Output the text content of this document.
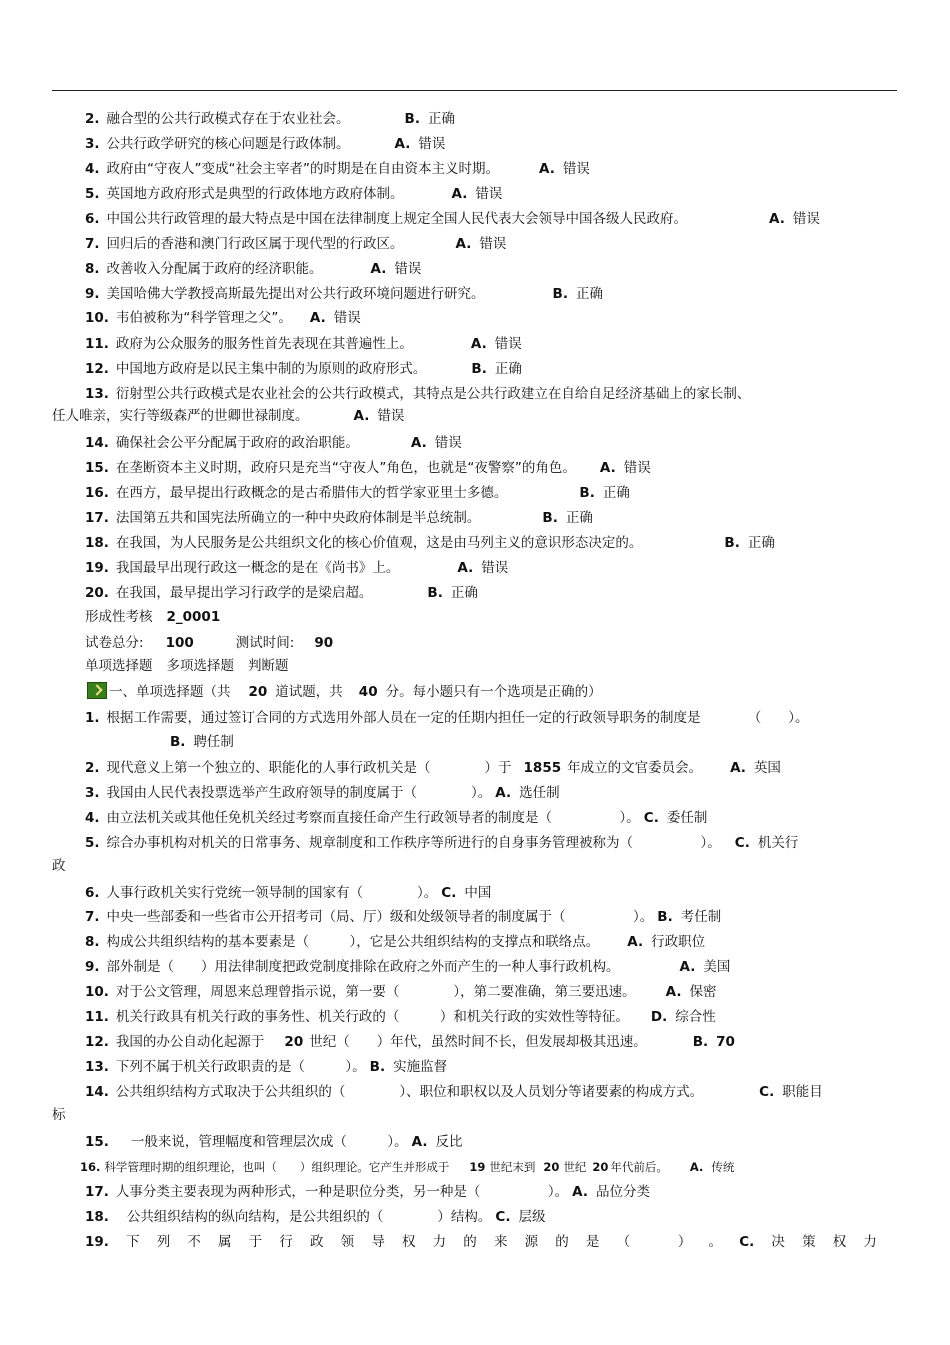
2. 融合型的公共行政模式存在于农业社会。	B. 正确
3. 公共行政学研究的核心问题是行政体制。	A. 错误
4. 政府由“守夜人”变成“社会主宰者”的时期是在自由资本主义时期。	A. 错误
5. 英国地方政府形式是典型的行政体地方政府体制。	A. 错误
6. 中国公共行政管理的最大特点是中国在法律制度上规定全国人民代表大会领导中国各级人民政府。	A. 错误
7. 回归后的香港和澳门行政区属于现代型的行政区。	A. 错误
8. 改善收入分配属于政府的经济职能。	A. 错误
9. 美国哈佛大学教授高斯最先提出对公共行政环境问题进行研究。	B. 正确
10. 韦伯被称为“科学管理之父”。 A. 错误
11. 政府为公众服务的服务性首先表现在其普遍性上。	A. 错误
12. 中国地方政府是以民主集中制的为原则的政府形式。	B. 正确
13. 衍射型公共行政模式是农业社会的公共行政模式，其特点是公共行政建立在自给自足经济基础上的家长制、
任人唯亲，实行等级森严的世卿世禄制度。	A. 错误
14. 确保社会公平分配属于政府的政治职能。	A. 错误
15. 在垄断资本主义时期，政府只是充当“守夜人”角色，也就是“夜警察”的角色。 A. 错误
16. 在西方，最早提出行政概念的是古希腊伟大的哲学家亚里士多德。	B. 正确
17. 法国第五共和国宪法所确立的一种中央政府体制是半总统制。	B. 正确
18. 在我国，为人民服务是公共组织文化的核心价值观，这是由马列主义的意识形态决定的。	B. 正确
19. 我国最早出现行政这一概念的是在《尚书》上。	A. 错误
20. 在我国，最早提出学习行政学的是梁启超。	B. 正确
形成性考核 2_0001
试卷总分: 100	测试时间: 90
单项选择题 多项选择题 判断题
一、单项选择题（共 20 道试题，共 40 分。每小题只有一个选项是正确的）
1. 根据工作需要，通过签订合同的方式选用外部人员在一定的任期内担任一定的行政领导职务的制度是　　　　（　　）。
B. 聘任制
2. 现代意义上第一个独立的、职能化的人事行政机关是（　　　　）于 1855 年成立的文官委员会。 A. 英国
3. 我国由人民代表投票选举产生政府领导的制度属于（　　　　）。 A. 选任制
4. 由立法机关或其他任免机关经过考察而直接任命产生行政领导者的制度是（　　　　　）。 C. 委任制
5. 综合办事机构对机关的日常事务、规章制度和工作秩序等所进行的自身事务管理被称为（　　　　　）。 C. 机关行
政
6. 人事行政机关实行党统一领导制的国家有（　　　　）。 C. 中国
7. 中央一些部委和一些省市公开招考司（局、厅）级和处级领导者的制度属于（　　　　　）。 B. 考任制
8. 构成公共组织结构的基本要素是（　　　），它是公共组织结构的支撑点和联络点。 A. 行政职位
9. 部外制是（　　）用法律制度把政党制度排除在政府之外而产生的一种人事行政机构。	A. 美国
10. 对于公文管理，周恩来总理曾指示说，第一要（　　　　），第二要准确，第三要迅速。 A. 保密
11. 机关行政具有机关行政的事务性、机关行政的（　　　）和机关行政的实效性等特征。 D. 综合性
12. 我国的办公自动化起源于 20 世纪（　　）年代，虽然时间不长，但发展却极其迅速。	B. 70
13. 下列不属于机关行政职责的是（　　　）。 B. 实施监督
14. 公共组织结构方式取决于公共组织的（　　　　）、职位和职权以及人员划分等诸要素的构成方式。	C. 职能目
标
15. 一般来说，管理幅度和管理层次成（　　　）。 A. 反比
16. 科学管理时期的组织理论，也叫（　　）组织理论。它产生并形成于 19 世纪末到 20 世纪 20 年代前后。 A. 传统
17. 人事分类主要表现为两种形式，一种是职位分类，另一种是（　　　　　）。 A. 品位分类
18. 公共组织结构的纵向结构，是公共组织的（　　　　）结构。 C. 层级
19. 下 列 不 属 于 行 政 领 导 权 力 的 来 源 的 是 （
　	） 。 C. 决 策 权 力
